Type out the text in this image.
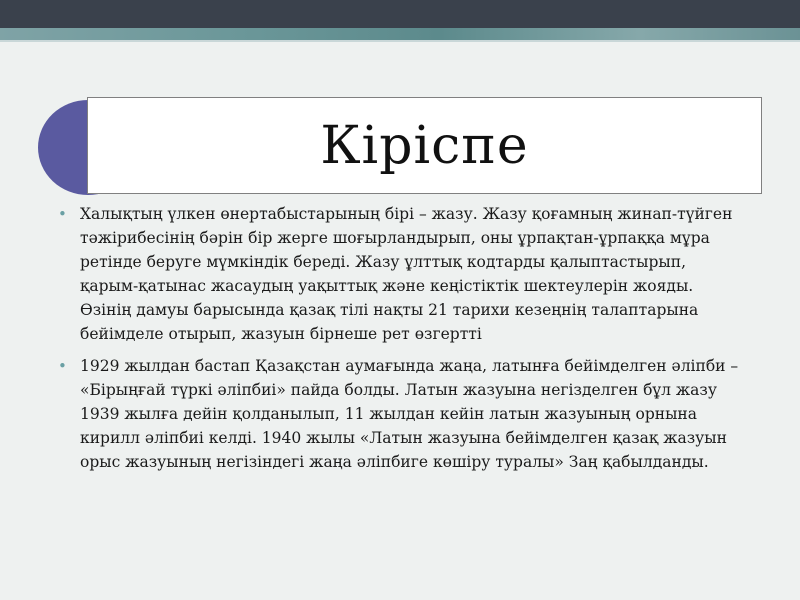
Кіріспе
• Халықтың үлкен өнертабыстарының бірі – жазу. Жазу қоғамның жинап-түйген тәжірибесінің бәрін бір жерге шоғырландырып, оны ұрпақтан-ұрпаққа мұра ретінде беруге мүмкіндік береді. Жазу ұлттық кодтарды қалыптастырып, қарым-қатынас жасаудың уақыттық және кеңістіктік шектеулерін жояды. Өзінің дамуы барысында қазақ тілі нақты 21 тарихи кезеңнің талаптарына бейімделе отырып, жазуын бірнеше рет өзгертті
• 1929 жылдан бастап Қазақстан аумағында жаңа, латынға бейімделген әліпби – «Бірыңғай түркі әліпбиі» пайда болды. Латын жазуына негізделген бұл жазу 1939 жылға дейін қолданылып, 11 жылдан кейін латын жазуының орнына кирилл әліпбиі келді. 1940 жылы «Латын жазуына бейімделген қазақ жазуын орыс жазуының негізіндегі жаңа әліпбиге көшіру туралы» Заң қабылданды.
